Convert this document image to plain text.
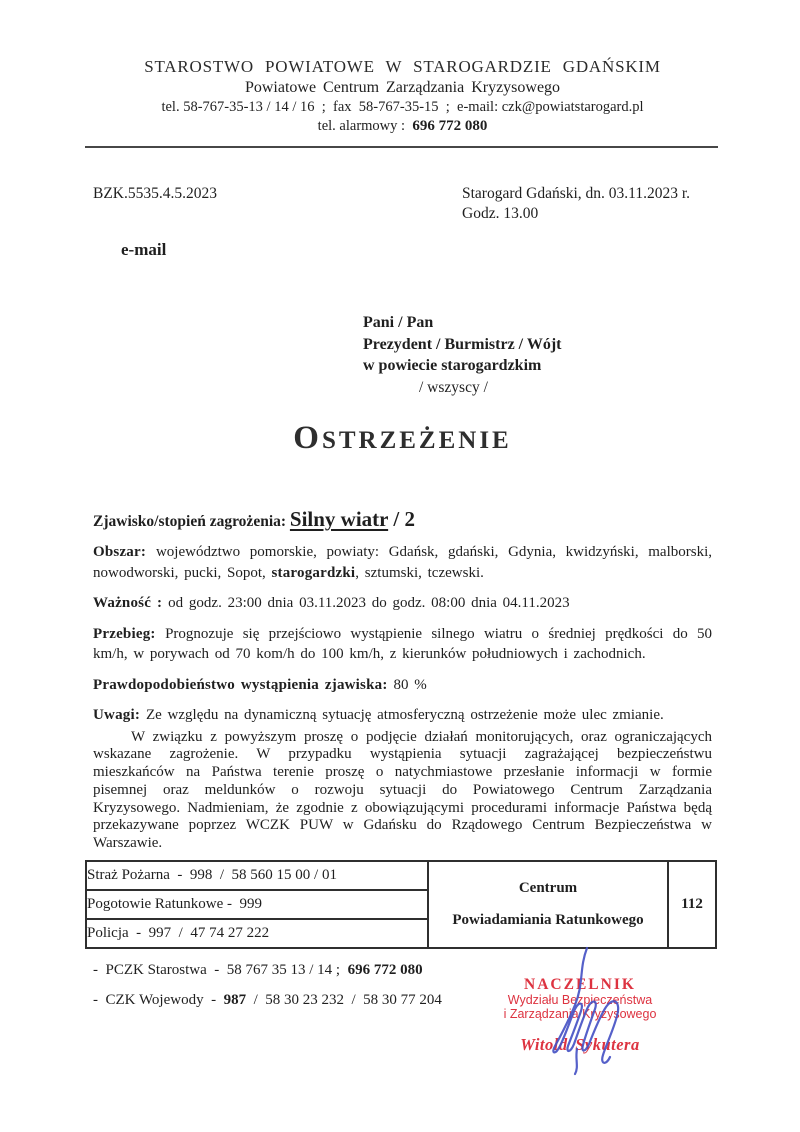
STAROSTWO POWIATOWE W STAROGARDZIE GDAŃSKIM
Powiatowe Centrum Zarządzania Kryzysowego
tel. 58-767-35-13 / 14 / 16  ;  fax  58-767-35-15  ;  e-mail: czk@powiatstarogard.pl
tel. alarmowy :  696 772 080
BZK.5535.4.5.2023	Starogard Gdański, dn. 03.11.2023 r.
Godz. 13.00
e-mail
Pani / Pan
Prezydent / Burmistrz / Wójt
w powiecie starogardzkim
/ wszyscy /
OSTRZEŻENIE
Zjawisko/stopień zagrożenia: Silny wiatr / 2

Obszar: województwo pomorskie, powiaty: Gdańsk, gdański, Gdynia, kwidzyński, malborski, nowodworski, pucki, Sopot, starogardzki, sztumski, tczewski.

Ważność : od godz. 23:00 dnia 03.11.2023 do godz. 08:00 dnia 04.11.2023

Przebieg: Prognozuje się przejściowo wystąpienie silnego wiatru o średniej prędkości do 50 km/h, w porywach od 70 kom/h do 100 km/h, z kierunków południowych i zachodnich.

Prawdopodobieństwo wystąpienia zjawiska: 80 %

Uwagi: Ze względu na dynamiczną sytuację atmosferyczną ostrzeżenie może ulec zmianie.

W związku z powyższym proszę o podjęcie działań monitorujących, oraz ograniczających wskazane zagrożenie. W przypadku wystąpienia sytuacji zagrażającej bezpieczeństwu mieszkańców na Państwa terenie proszę o natychmiastowe przesłanie informacji w formie pisemnej oraz meldunków o rozwoju sytuacji do Powiatowego Centrum Zarządzania Kryzysowego. Nadmieniam, że zgodnie z obowiązującymi procedurami informacje Państwa będą przekazywane poprzez WCZK PUW w Gdańsku do Rządowego Centrum Bezpieczeństwa w Warszawie.

Straż Pożarna  -  998  /  58 560 15 00 / 01	
Centrum
Powiadamiania Ratunkowego
	112
Pogotowie Ratunkowe -  999
Policja  -  997  /  47 74 27 222
-  PCZK Starostwa  -  58 767 35 13 / 14 ;  696 772 080
-  CZK Wojewody  -  987  /  58 30 23 232  /  58 30 77 204
NACZELNIK
Wydziału Bezpieczeństwa
i Zarządzania Kryzysowego
Witold Sykutera
